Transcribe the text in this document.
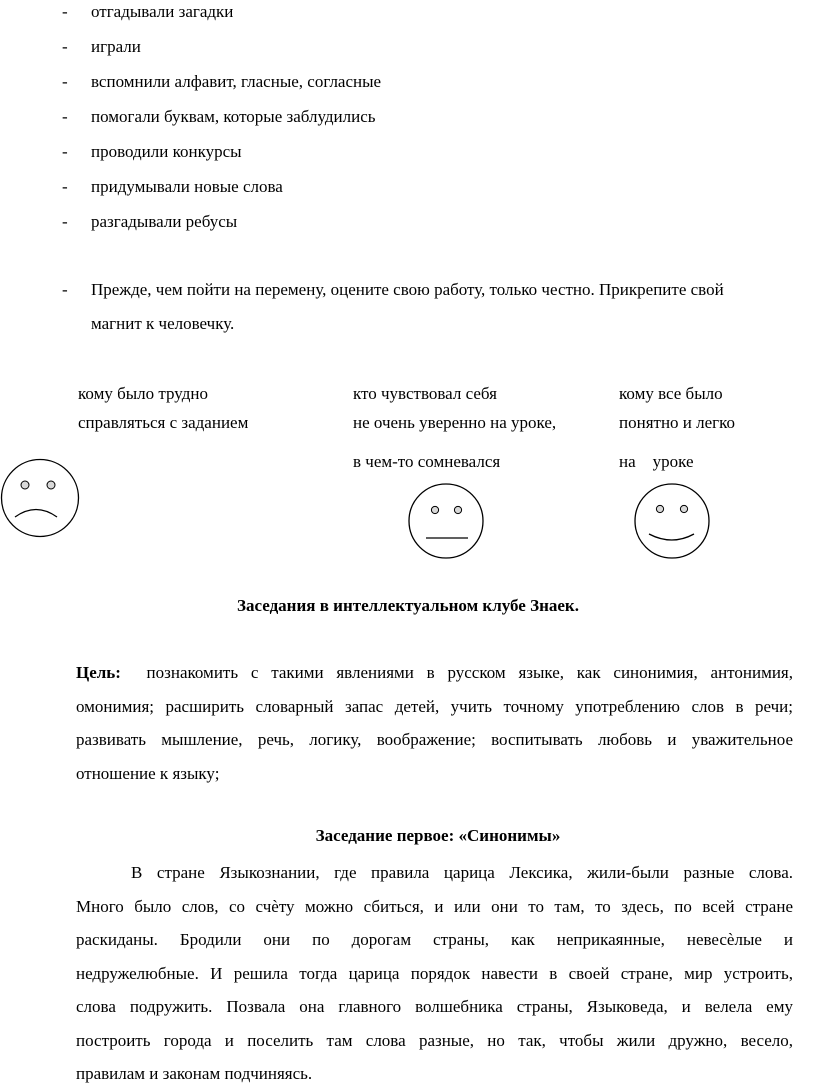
- отгадывали загадки
- играли
- вспомнили алфавит, гласные, согласные
- помогали буквам, которые заблудились
- проводили конкурсы
- придумывали новые слова
- разгадывали ребусы
- Прежде, чем пойти на перемену, оцените свою работу, только честно. Прикрепите свой
магнит к человечку.
кому было трудно
справляться с заданием
кто чувствовал себя
не очень уверенно на уроке,
в чем-то сомневался
кому все было
понятно и легко
на    уроке
Заседания в интеллектуальном клубе Знаек.
Цель: познакомить с такими явлениями в русском языке, как синонимия, антонимия,
омонимия; расширить словарный запас детей, учить точному употреблению слов в речи;
развивать мышление, речь, логику, воображение; воспитывать любовь и уважительное
отношение к языку;
Заседание первое: «Синонимы»
В стране Языкознании, где правила царица Лексика, жили-были разные слова.
Много было слов, со счѐту можно сбиться, и или они то там, то здесь, по всей стране
раскиданы. Бродили они по дорогам страны, как неприкаянные, невесѐлые и
недружелюбные. И решила тогда царица порядок навести в своей стране, мир устроить,
слова подружить. Позвала она главного волшебника страны, Языковеда, и велела ему
построить города и поселить там слова разные, но так, чтобы жили дружно, весело,
правилам и законам подчиняясь.
